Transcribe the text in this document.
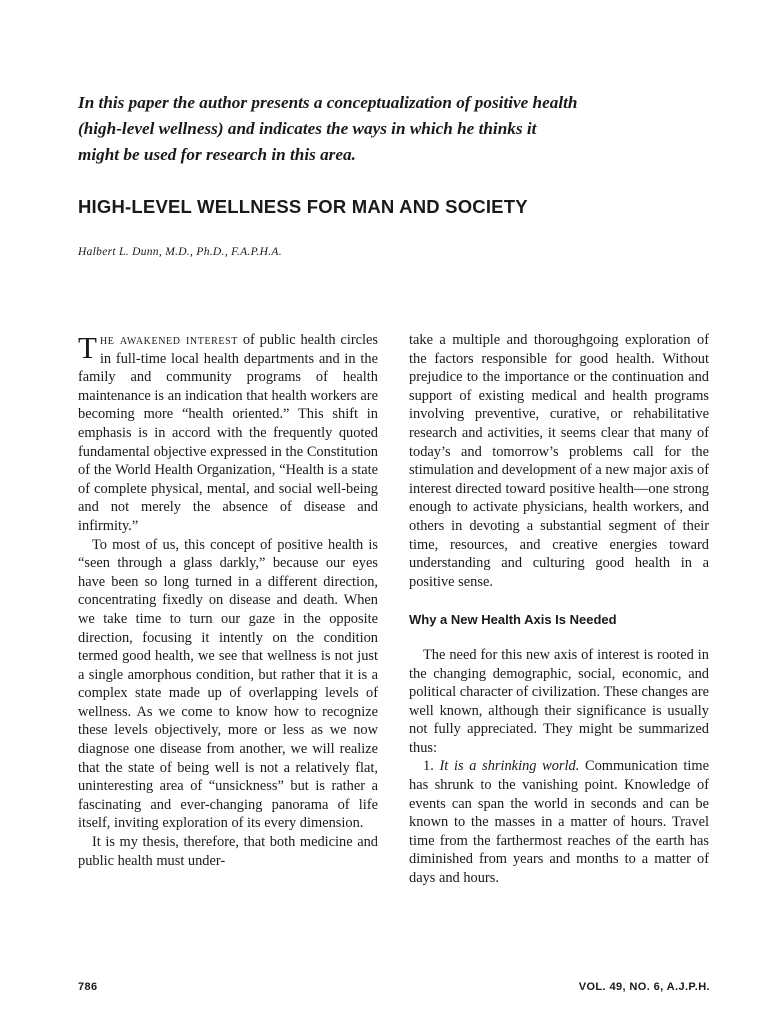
In this paper the author presents a conceptualization of positive health
(high-level wellness) and indicates the ways in which he thinks it
might be used for research in this area.
HIGH-LEVEL WELLNESS FOR MAN AND SOCIETY
Halbert L. Dunn, M.D., Ph.D., F.A.P.H.A.

The awakened interest of public health circles in full-time local health departments and in the family and community programs of health maintenance is an indication that health workers are becoming more “health oriented.” This shift in emphasis is in accord with the frequently quoted fundamental objective expressed in the Constitution of the World Health Organization, “Health is a state of complete physical, mental, and social well-being and not merely the absence of disease and infirmity.”

To most of us, this concept of positive health is “seen through a glass darkly,” because our eyes have been so long turned in a different direction, concentrating fixedly on disease and death. When we take time to turn our gaze in the opposite direction, focusing it intently on the condition termed good health, we see that wellness is not just a single amorphous condition, but rather that it is a complex state made up of overlapping levels of wellness. As we come to know how to recognize these levels objectively, more or less as we now diagnose one disease from another, we will realize that the state of being well is not a relatively flat, uninteresting area of “unsickness” but is rather a fascinating and ever-changing panorama of life itself, inviting exploration of its every dimension.

It is my thesis, therefore, that both medicine and public health must under-

take a multiple and thoroughgoing exploration of the factors responsible for good health. Without prejudice to the importance or the continuation and support of existing medical and health programs involving preventive, curative, or rehabilitative research and activities, it seems clear that many of today’s and tomorrow’s problems call for the stimulation and development of a new major axis of interest directed toward positive health—one strong enough to activate physicians, health workers, and others in devoting a substantial segment of their time, resources, and creative energies toward understanding and culturing good health in a positive sense.

Why a New Health Axis Is Needed

The need for this new axis of interest is rooted in the changing demographic, social, economic, and political character of civilization. These changes are well known, although their significance is usually not fully appreciated. They might be summarized thus:

1. It is a shrinking world. Communication time has shrunk to the vanishing point. Knowledge of events can span the world in seconds and can be known to the masses in a matter of hours. Travel time from the farthermost reaches of the earth has diminished from years and months to a matter of days and hours.

786	VOL. 49, NO. 6, A.J.P.H.
